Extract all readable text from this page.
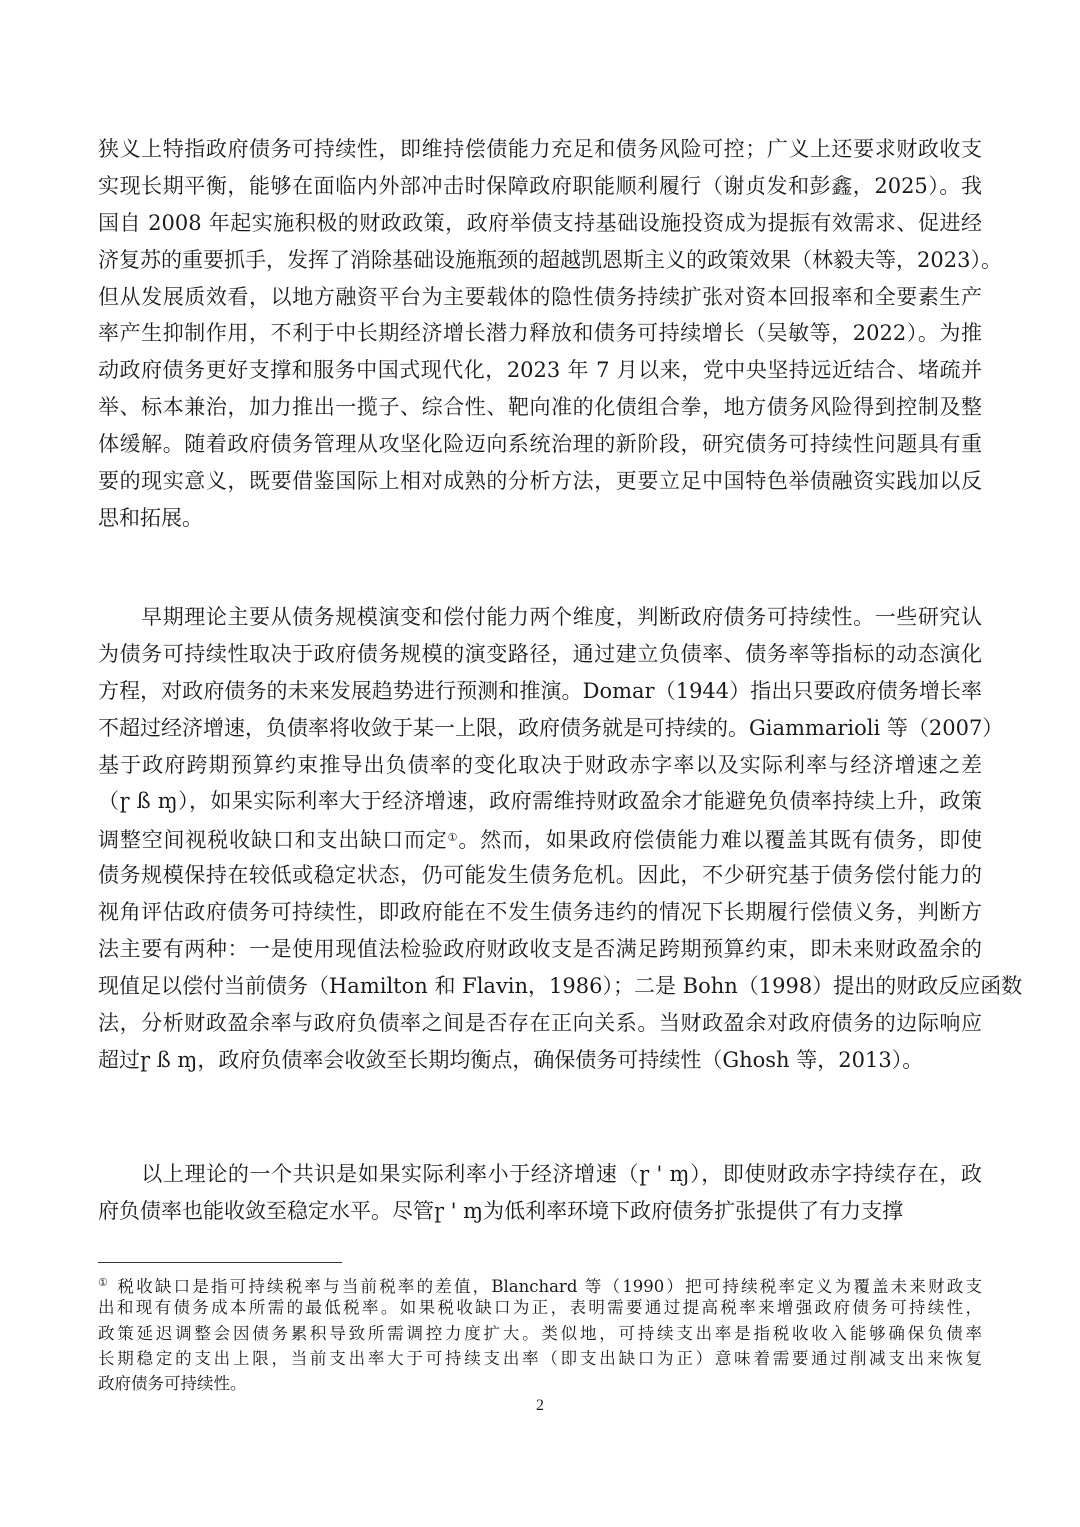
狭义上特指政府债务可持续性，即维持偿债能力充足和债务风险可控；广义上还要求财政收支
实现长期平衡，能够在面临内外部冲击时保障政府职能顺利履行（谢贞发和彭鑫，2025）。我
国自 2008 年起实施积极的财政政策，政府举债支持基础设施投资成为提振有效需求、促进经
济复苏的重要抓手，发挥了消除基础设施瓶颈的超越凯恩斯主义的政策效果（林毅夫等，2023）。
但从发展质效看，以地方融资平台为主要载体的隐性债务持续扩张对资本回报率和全要素生产
率产生抑制作用，不利于中长期经济增长潜力释放和债务可持续增长（吴敏等，2022）。为推
动政府债务更好支撑和服务中国式现代化，2023 年 7 月以来，党中央坚持远近结合、堵疏并
举、标本兼治，加力推出一揽子、综合性、靶向准的化债组合拳，地方债务风险得到控制及整
体缓解。随着政府债务管理从攻坚化险迈向系统治理的新阶段，研究债务可持续性问题具有重
要的现实意义，既要借鉴国际上相对成熟的分析方法，更要立足中国特色举债融资实践加以反
思和拓展。
　　早期理论主要从债务规模演变和偿付能力两个维度，判断政府债务可持续性。一些研究认
为债务可持续性取决于政府债务规模的演变路径，通过建立负债率、债务率等指标的动态演化
方程，对政府债务的未来发展趋势进行预测和推演。Domar（1944）指出只要政府债务增长率
不超过经济增速，负债率将收敛于某一上限，政府债务就是可持续的。Giammarioli 等（2007）
基于政府跨期预算约束推导出负债率的变化取决于财政赤字率以及实际利率与经济增速之差
（ɼ ß ɱ），如果实际利率大于经济增速，政府需维持财政盈余才能避免负债率持续上升，政策
调整空间视税收缺口和支出缺口而定①。然而，如果政府偿债能力难以覆盖其既有债务，即使
债务规模保持在较低或稳定状态，仍可能发生债务危机。因此，不少研究基于债务偿付能力的
视角评估政府债务可持续性，即政府能在不发生债务违约的情况下长期履行偿债义务，判断方
法主要有两种：一是使用现值法检验政府财政收支是否满足跨期预算约束，即未来财政盈余的
现值足以偿付当前债务（Hamilton 和 Flavin，1986）；二是 Bohn（1998）提出的财政反应函数
法，分析财政盈余率与政府负债率之间是否存在正向关系。当财政盈余对政府债务的边际响应
超过ɼ ß ɱ，政府负债率会收敛至长期均衡点，确保债务可持续性（Ghosh 等，2013）。
　　以上理论的一个共识是如果实际利率小于经济增速（ɼ ' ɱ），即使财政赤字持续存在，政
府负债率也能收敛至稳定水平。尽管ɼ ' ɱ为低利率环境下政府债务扩张提供了有力支撑
① 税收缺口是指可持续税率与当前税率的差值，Blanchard 等（1990）把可持续税率定义为覆盖未来财政支
出和现有债务成本所需的最低税率。如果税收缺口为正，表明需要通过提高税率来增强政府债务可持续性，
政策延迟调整会因债务累积导致所需调控力度扩大。类似地，可持续支出率是指税收收入能够确保负债率
长期稳定的支出上限，当前支出率大于可持续支出率（即支出缺口为正）意味着需要通过削减支出来恢复
政府债务可持续性。
2
